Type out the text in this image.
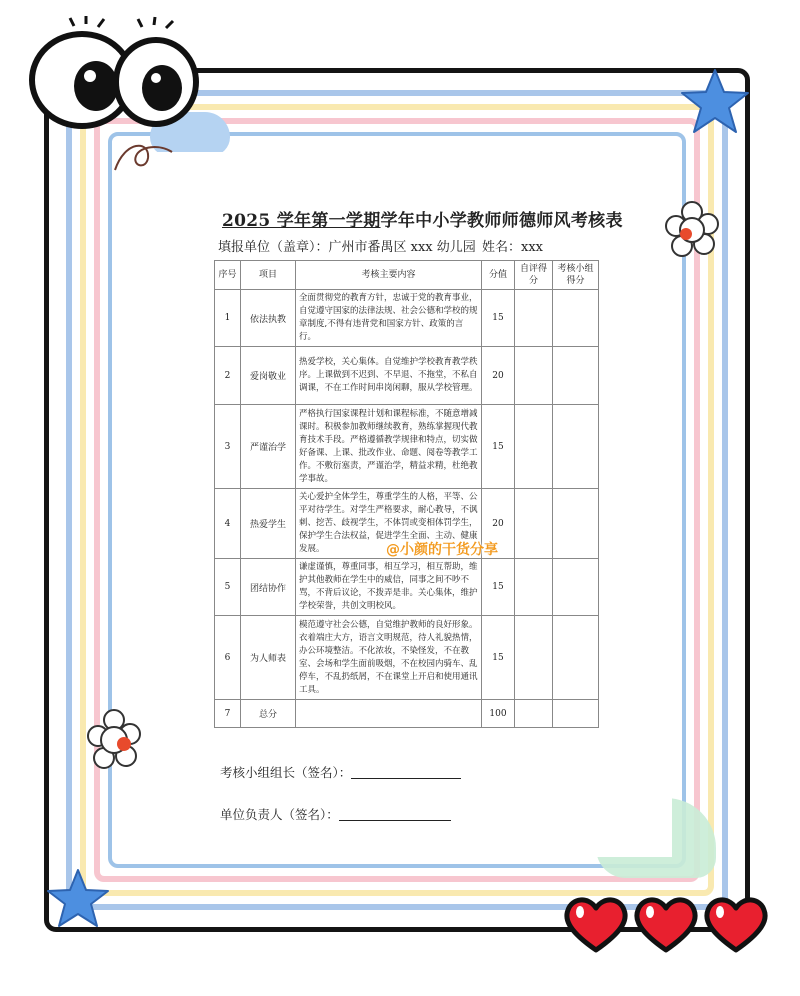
2025 学年第一学期学年中小学教师师德师风考核表
填报单位（盖章）：广州市番禺区 xxx 幼儿园 姓名：xxx
序号	项目	考核主要内容	分值	自评得分	考核小组得分
1	依法执教	全面贯彻党的教育方针，忠诚于党的教育事业，自觉遵守国家的法律法规、社会公德和学校的规章制度,不得有违背党和国家方针、政策的言行。	15		
2	爱岗敬业	热爱学校，关心集体。自觉维护学校教育教学秩序。上课做到不迟到、不早退、不拖堂，不私自调课，不在工作时间串岗闲聊，服从学校管理。	20		
3	严谨治学	严格执行国家课程计划和课程标准，不随意增减课时。积极参加教师继续教育，熟练掌握现代教育技术手段。严格遵循教学规律和特点，切实做好备课、上课、批改作业、命题、阅卷等教学工作。不敷衍塞责，严谨治学，精益求精，杜绝教学事故。	15		
4	热爱学生	关心爱护全体学生，尊重学生的人格，平等、公平对待学生。对学生严格要求，耐心教导，不讽刺、挖苦、歧视学生，不体罚或变相体罚学生，保护学生合法权益，促进学生全面、主动、健康发展。	20		
5	团结协作	谦虚谨慎，尊重同事，相互学习，相互帮助，维护其他教师在学生中的威信，同事之间不吵不骂，不背后议论，不拨弄是非。关心集体，维护学校荣誉，共创文明校风。	15		
6	为人师表	模范遵守社会公德，自觉维护教师的良好形象。衣着端庄大方，语言文明规范，待人礼貌热情，办公环境整洁。不化浓妆，不染怪发，不在教室、会场和学生面前吸烟，不在校园内骑车、乱停车，不乱扔纸屑，不在课堂上开启和使用通讯工具。	15		
7	总分		100		
@小颜的干货分享
考核小组组长（签名）：
单位负责人（签名）：
